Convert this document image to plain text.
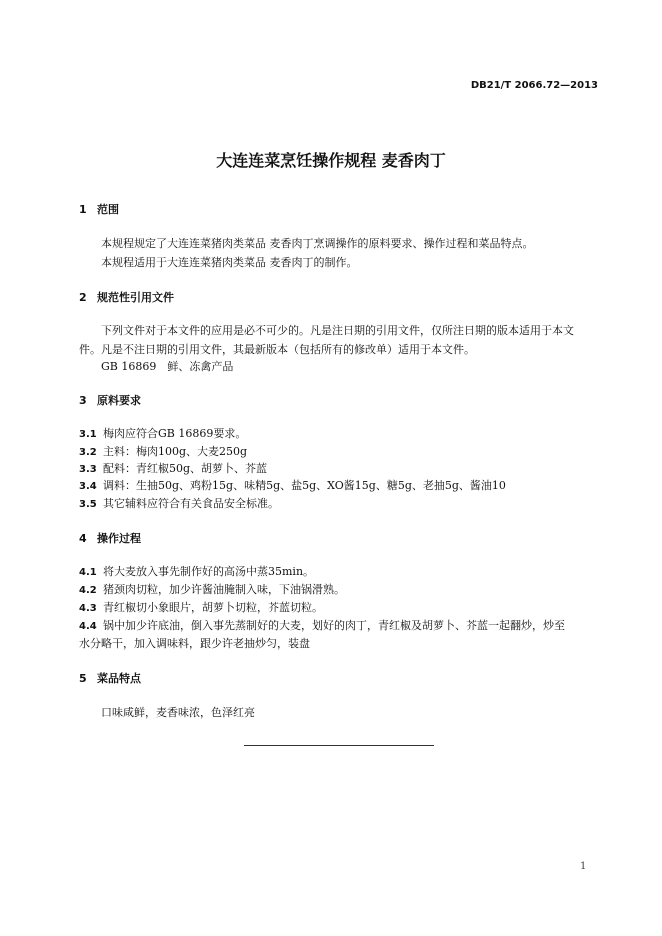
DB21/T 2066.72—2013
大连连菜烹饪操作规程 麦香肉丁
1 范围
本规程规定了大连连菜猪肉类菜品 麦香肉丁烹调操作的原料要求、操作过程和菜品特点。
本规程适用于大连连菜猪肉类菜品 麦香肉丁的制作。
2 规范性引用文件
下列文件对于本文件的应用是必不可少的。凡是注日期的引用文件，仅所注日期的版本适用于本文
件。凡是不注日期的引用文件，其最新版本（包括所有的修改单）适用于本文件。
GB 16869　鲜、冻禽产品
3 原料要求
3.1 梅肉应符合GB 16869要求。
3.2 主料：梅肉100g、大麦250g
3.3 配料：青红椒50g、胡萝卜、芥蓝
3.4 调料：生抽50g、鸡粉15g、味精5g、盐5g、XO酱15g、糖5g、老抽5g、酱油10
3.5 其它辅料应符合有关食品安全标准。
4 操作过程
4.1 将大麦放入事先制作好的高汤中蒸35min。
4.2 猪颈肉切粒，加少许酱油腌制入味，下油锅滑熟。
4.3 青红椒切小象眼片，胡萝卜切粒，芥蓝切粒。
4.4 锅中加少许底油，倒入事先蒸制好的大麦，划好的肉丁，青红椒及胡萝卜、芥蓝一起翻炒，炒至
水分略干，加入调味料，跟少许老抽炒匀，装盘
5 菜品特点
口味咸鲜，麦香味浓，色泽红亮
1
